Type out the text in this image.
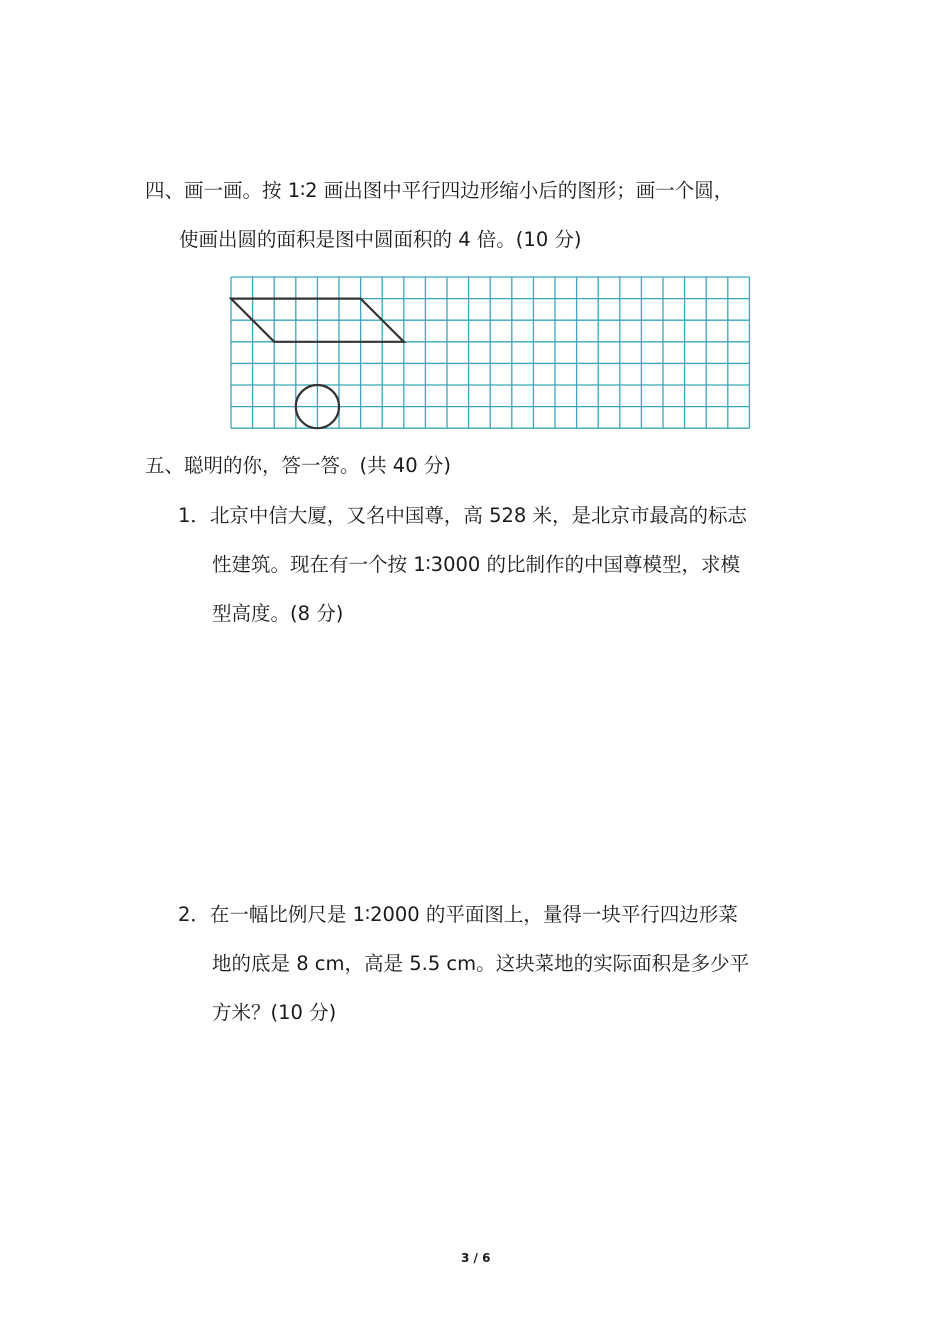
四、画一画。按 1∶2 画出图中平行四边形缩小后的图形；画一个圆，
使画出圆的面积是图中圆面积的 4 倍。(10 分)
五、聪明的你，答一答。(共 40 分)
1．北京中信大厦，又名中国尊，高 528 米，是北京市最高的标志
性建筑。现在有一个按 1∶3000 的比制作的中国尊模型，求模
型高度。(8 分)
2．在一幅比例尺是 1∶2000 的平面图上，量得一块平行四边形菜
地的底是 8 cm，高是 5.5 cm。这块菜地的实际面积是多少平
方米？(10 分)
3 / 6
